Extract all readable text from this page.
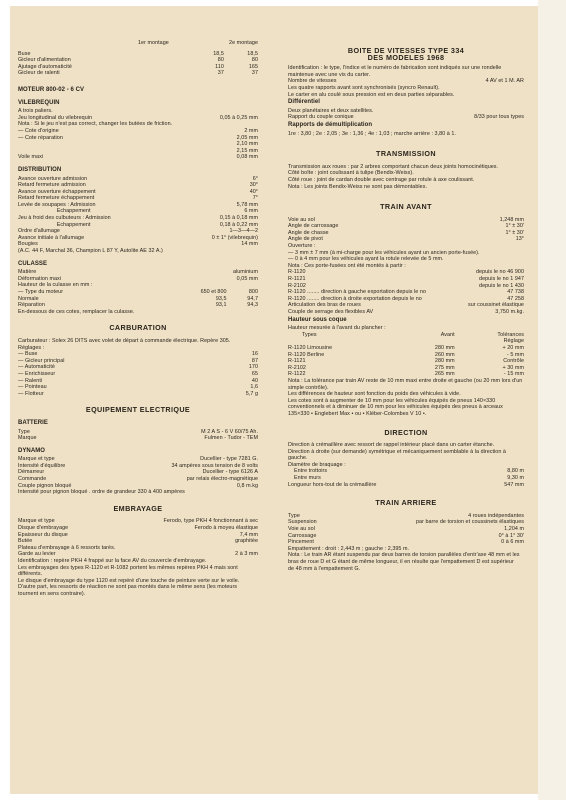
1er montage	2e montage
Buse	18,5	18,5
Gicleur d'alimentation	80	80
Ajutage d'automaticité	110	165
Gicleur de ralenti	37	37
MOTEUR 800-02 - 6 CV
VILEBREQUIN
A trois paliers.
Jeu longitudinal du vilebrequin	0,05 à 0,25 mm
Nota : Si le jeu n'est pas correct, changer les butées de friction.
— Cote d'origine	2 mm
— Cote réparation	2,05 mm
2,10 mm
2,15 mm
Voile maxi	0,08 mm
DISTRIBUTION
Avance ouverture admission	6°
Retard fermeture admission	30°
Avance ouverture échappement	40°
Retard fermeture échappement	7°
Levée de soupapes : Admission	5,78 mm
Echappement	6 mm
Jeu à froid des culbuteurs : Admission	0,15 à 0,18 mm
Echappement	0,18 à 0,22 mm
Ordre d'allumage	1—3—4—2
Avance initiale à l'allumage	0 ± 1° (vilebrequin)
Bougies	14 mm
(A.C. 44 F, Marchal 36, Champion L 87 Y, Autolite AE 32 A.)
CULASSE
Matière	aluminium
Déformation maxi	0,05 mm
Hauteur de la culasse en mm :
— Type du moteur	650 et 800	800
Normale	93,5	94,7
Réparation	93,1	94,3

En-dessous de ces cotes, remplacer la culasse.

CARBURATION

Carburateur : Solex 26 DITS avec volet de départ à commande électrique. Repère 305.

Réglages :

— Buse	16
— Gicleur principal	87
— Automaticité	170
— Enrichisseur	65
— Ralenti	40
— Pointeau	1,6
— Flotteur	5,7 g
EQUIPEMENT ELECTRIQUE
BATTERIE
Type	M 2 A S - 6 V 60/75 Ah.
Marque	Fulmen - Tudor - TEM
DYNAMO
Marque et type	Ducellier - type 7281 G.
Intensité d'équilibre	34 ampères sous tension de 8 volts
Démarreur	Ducellier - type 6126 A
Commande	par relais électro-magnétique
Couple pignon bloqué	0,8 m.kg
Intensité pour pignon bloqué . ordre de grandeur 330 à 400 ampères
EMBRAYAGE
Marque et type	Ferodo, type PKH 4 fonctionnant à sec
Disque d'embrayage	Ferodo à moyeu élastique
Epaisseur du disque	7,4 mm
Butée	graphitée
Plateau d'embrayage à 6 ressorts tarés.
Garde au levier	2 à 3 mm

Identification : repère PKH 4 frappé sur la face AV du couvercle d'embrayage.

Les embrayages des types R-1120 et R-1082 portent les mêmes repères PKH 4 mais sont différents.

Le disque d'embrayage du type 1120 est repéré d'une touche de peinture verte sur le voile.

D'autre part, les ressorts de réaction ne sont pas montés dans le même sens (les moteurs tournent en sens contraire).

BOITE DE VITESSES TYPE 334
DES MODELES 1968
Identification : le type, l'indice et le numéro de fabrication sont indiqués sur une rondelle maintenue avec une vis du carter.
Nombre de vitesses	4 AV et 1 M. AR
Les quatre rapports avant sont synchronisés (syncro Renault).
Le carter en alu coulé sous pression est en deux parties séparables.
Différentiel
Deux planétaires et deux satellites.
Rapport du couple conique	8/33 pour tous types
Rapports de démultiplication

1re : 3,80 ; 2e : 2,05 ; 3e : 1,36 ; 4e : 1,03 ; marche arrière : 3,80 à 1.

TRANSMISSION

Transmission aux roues : par 2 arbres comportant chacun deux joints homocinétiques.

Côté boîte : joint coulissant à tulipe (Bendix-Weiss).

Côté roue : joint de cardan double avec centrage par rotule à axe coulissant.

Nota : Les joints Bendix-Weiss ne sont pas démontables.

TRAIN AVANT
Voie au sol	1,248 mm
Angle de carrossage	1° ± 30'
Angle de chasse	1° ± 30'
Angle de pivot	13°
Ouverture :
— 3 mm ± 7 mm (à mi-charge pour les véhicules ayant un ancien porte-fusée).
— 0 à 4 mm pour les véhicules ayant la rotule relevée de 5 mm.
Nota : Ces porte-fusées ont été montés à partir :
R-1120	depuis le no 46 900
R-1121	depuis le no 1 947
R-2102	depuis le no 1 430
R-1120 ........ direction à gauche exportation depuis le no	47 738
R-1120 ........ direction à droite exportation depuis le no	47 258
Articulation des bras de roues	sur coussinet élastique
Couple de serrage des flexibles AV	3,750 m.kg.
Hauteur sous coque

Hauteur mesurée à l'avant du plancher :

Types	Avant	Tolérances
		Réglage
R-1120 Limousine	280 mm	+ 20 mm
R-1120 Berline	260 mm	- 5 mm
R-1121	280 mm	Contrôle
R-2102	275 mm	+ 30 mm
R-1122	265 mm	- 15 mm

Nota : La tolérance par train AV reste de 10 mm maxi entre droite et gauche (ou 20 mm lors d'un simple contrôle).

Les différences de hauteur sont fonction du poids des véhicules à vide.

Les cotes sont à augmenter de 10 mm pour les véhicules équipés de pneus 140×330 conventionnels et à diminuer de 10 mm pour les véhicules équipés des pneus à arceaux 135×330 • Englebert Max • ou • Kléber-Colombes V 10 •.

DIRECTION
Direction à crémaillère avec ressort de rappel intérieur placé dans un carter étanche.
Direction à droite (sur demande) symétrique et mécaniquement semblable à la direction à gauche.
Diamètre de braquage :
Entre trottoirs	8,80 m
Entre murs	9,30 m
Longueur hors-tout de la crémaillère	547 mm
TRAIN ARRIERE
Type	4 roues indépendantes
Suspension	par barre de torsion et coussinets élastiques
Voie au sol	1,204 m
Carrossage	0° à 1° 30'
Pincement	0 à 6 mm
Empattement : droit : 2,443 m ; gauche : 2,395 m.
Nota : Le train AR étant suspendu par deux barres de torsion parallèles d'entr'axe 48 mm et les bras de roue D et G étant de même longueur, il en résulte que l'empattement D est supérieur de 48 mm à l'empattement G.
